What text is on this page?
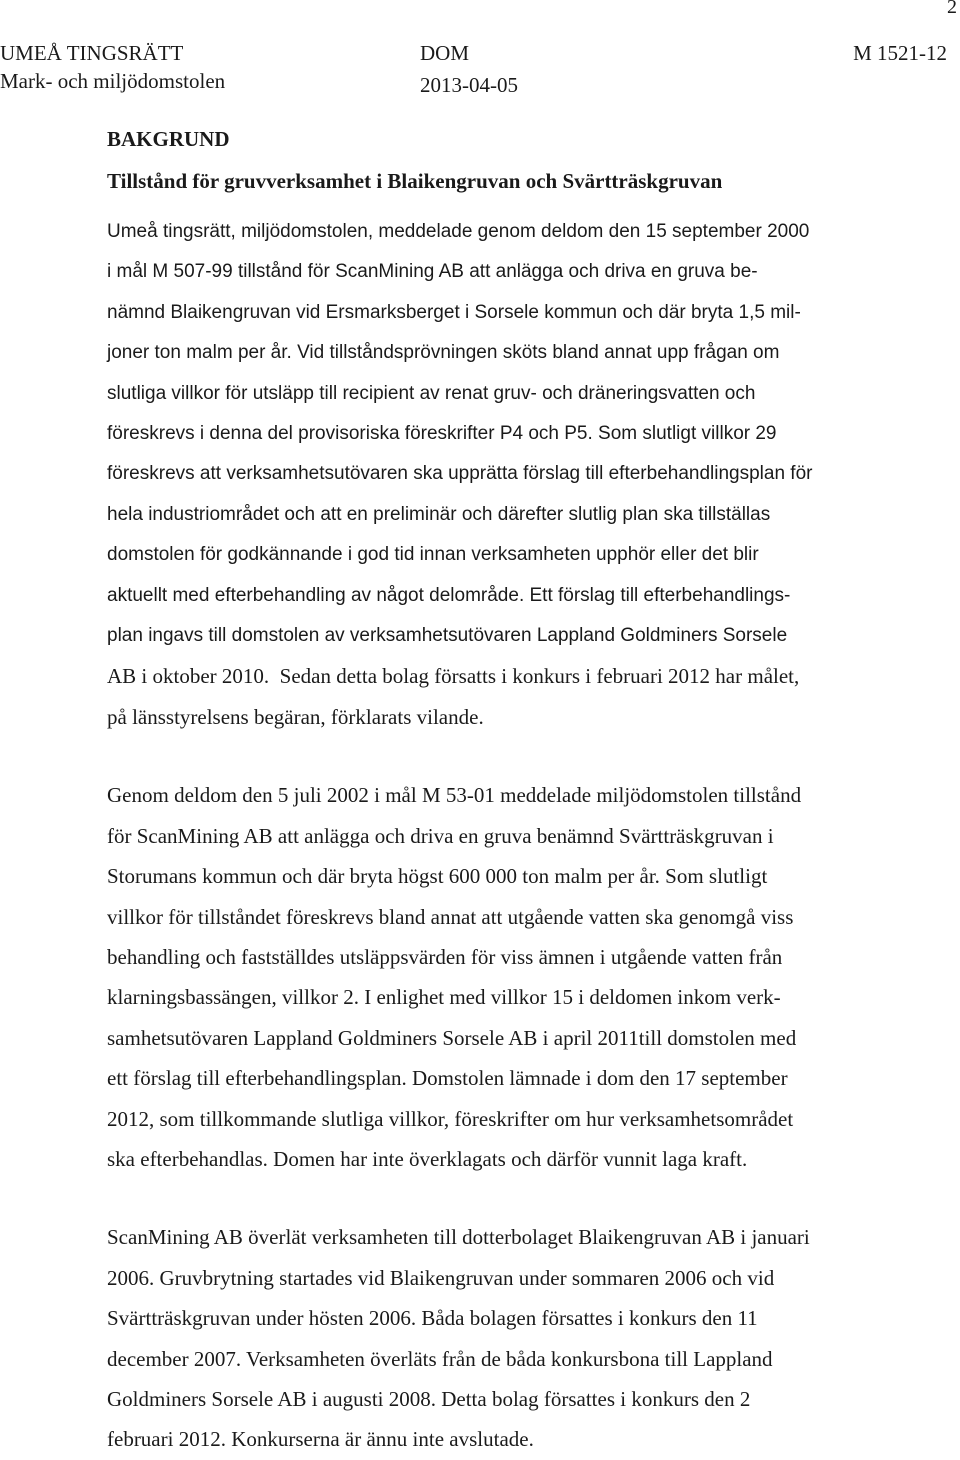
2
UMEÅ TINGSRÄTT
Mark- och miljödomstolen
DOM
2013-04-05
M 1521-12
BAKGRUND
Tillstånd för gruvverksamhet i Blaikengruvan och Svärtträskgruvan

Umeå tingsrätt, miljödomstolen, meddelade genom deldom den 15 september 2000

i mål M 507-99 tillstånd för ScanMining AB att anlägga och driva en gruva be-

nämnd Blaikengruvan vid Ersmarksberget i Sorsele kommun och där bryta 1,5 mil-

joner ton malm per år. Vid tillståndsprövningen sköts bland annat upp frågan om

slutliga villkor för utsläpp till recipient av renat gruv- och dräneringsvatten och

föreskrevs i denna del provisoriska föreskrifter P4 och P5. Som slutligt villkor 29

föreskrevs att verksamhetsutövaren ska upprätta förslag till efterbehandlingsplan för

hela industriområdet och att en preliminär och därefter slutlig plan ska tillställas

domstolen för godkännande i god tid innan verksamheten upphör eller det blir

aktuellt med efterbehandling av något delområde. Ett förslag till efterbehandlings-

plan ingavs till domstolen av verksamhetsutövaren Lappland Goldminers Sorsele

AB i oktober 2010.  Sedan detta bolag försatts i konkurs i februari 2012 har målet,

på länsstyrelsens begäran, förklarats vilande.

Genom deldom den 5 juli 2002 i mål M 53-01 meddelade miljödomstolen tillstånd

för ScanMining AB att anlägga och driva en gruva benämnd Svärtträskgruvan i

Storumans kommun och där bryta högst 600 000 ton malm per år. Som slutligt

villkor för tillståndet föreskrevs bland annat att utgående vatten ska genomgå viss

behandling och fastställdes utsläppsvärden för viss ämnen i utgående vatten från

klarningsbassängen, villkor 2. I enlighet med villkor 15 i deldomen inkom verk-

samhetsutövaren Lappland Goldminers Sorsele AB i april 2011till domstolen med

ett förslag till efterbehandlingsplan. Domstolen lämnade i dom den 17 september

2012, som tillkommande slutliga villkor, föreskrifter om hur verksamhetsområdet

ska efterbehandlas. Domen har inte överklagats och därför vunnit laga kraft.

ScanMining AB överlät verksamheten till dotterbolaget Blaikengruvan AB i januari

2006. Gruvbrytning startades vid Blaikengruvan under sommaren 2006 och vid

Svärtträskgruvan under hösten 2006. Båda bolagen försattes i konkurs den 11

december 2007. Verksamheten överläts från de båda konkursbona till Lappland

Goldminers Sorsele AB i augusti 2008. Detta bolag försattes i konkurs den 2

februari 2012. Konkurserna är ännu inte avslutade.
